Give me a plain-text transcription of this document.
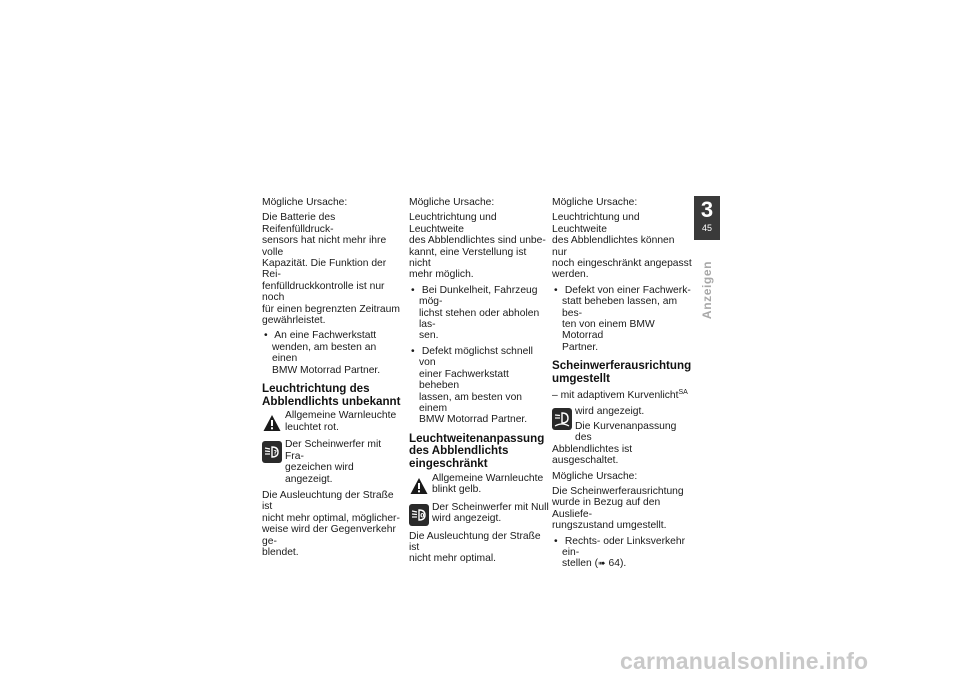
Mögliche Ursache:

Die Batterie des Reifenfülldruck-
sensors hat nicht mehr ihre volle
Kapazität. Die Funktion der Rei-
fenfülldruckkontrolle ist nur noch
für einen begrenzten Zeitraum
gewährleistet.

• An eine Fachwerkstatt
wenden, am besten an einen
BMW Motorrad Partner.

Leuchtrichtung des
Abblendlichts unbekannt
Allgemeine Warnleuchte
leuchtet rot.
?
Der Scheinwerfer mit Fra-
gezeichen wird angezeigt.

Die Ausleuchtung der Straße ist
nicht mehr optimal, möglicher-
weise wird der Gegenverkehr ge-
blendet.

Mögliche Ursache:

Leuchtrichtung und Leuchtweite
des Abblendlichtes sind unbe-
kannt, eine Verstellung ist nicht
mehr möglich.

• Bei Dunkelheit, Fahrzeug mög-
lichst stehen oder abholen las-
sen.

• Defekt möglichst schnell von
einer Fachwerkstatt beheben
lassen, am besten von einem
BMW Motorrad Partner.

Leuchtweitenanpassung
des Abblendlichts
eingeschränkt
Allgemeine Warnleuchte
blinkt gelb.
0
Der Scheinwerfer mit Null
wird angezeigt.

Die Ausleuchtung der Straße ist
nicht mehr optimal.

Mögliche Ursache:

Leuchtrichtung und Leuchtweite
des Abblendlichtes können nur
noch eingeschränkt angepasst
werden.

• Defekt von einer Fachwerk-
statt beheben lassen, am bes-
ten von einem BMW Motorrad
Partner.

Scheinwerferausrichtung
umgestellt

– mit adaptivem Kurvenlicht$^{SA}$

wird angezeigt.

Die Kurvenanpassung des

Abblendlichtes ist ausgeschaltet.

Mögliche Ursache:

Die Scheinwerferausrichtung
wurde in Bezug auf den Ausliefe-
rungszustand umgestellt.

• Rechts- oder Linksverkehr ein-
stellen (➠ 64).

3
45
Anzeigen
carmanualsonline.info
